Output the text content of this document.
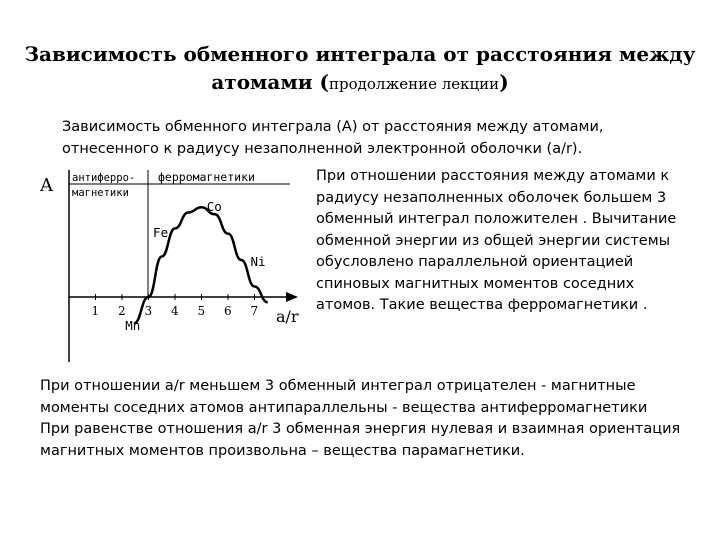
Зависимость обменного интеграла от расстояния между
атомами (продолжение лекции)
Зависимость обменного интеграла (А) от расстояния между атомами, отнесенного к радиусу незаполненной электронной оболочки (a/r).
A
a/r
антиферро-
магнетики
ферромагнетики
1 2 3 4 5 6 7
Mn
Fe
Co
Ni
При отношении расстояния между атомами к радиусу незаполненных оболочек большем 3 обменный интеграл положителен . Вычитание обменной энергии из общей энергии системы обусловлено параллельной ориентацией спиновых магнитных моментов соседних атомов. Такие вещества ферромагнетики .

При отношении a/r меньшем 3 обменный интеграл отрицателен - магнитные моменты соседних атомов антипараллельны - вещества антиферромагнетики

При равенстве отношения a/r 3 обменная энергия нулевая и взаимная ориентация магнитных моментов произвольна – вещества парамагнетики.
